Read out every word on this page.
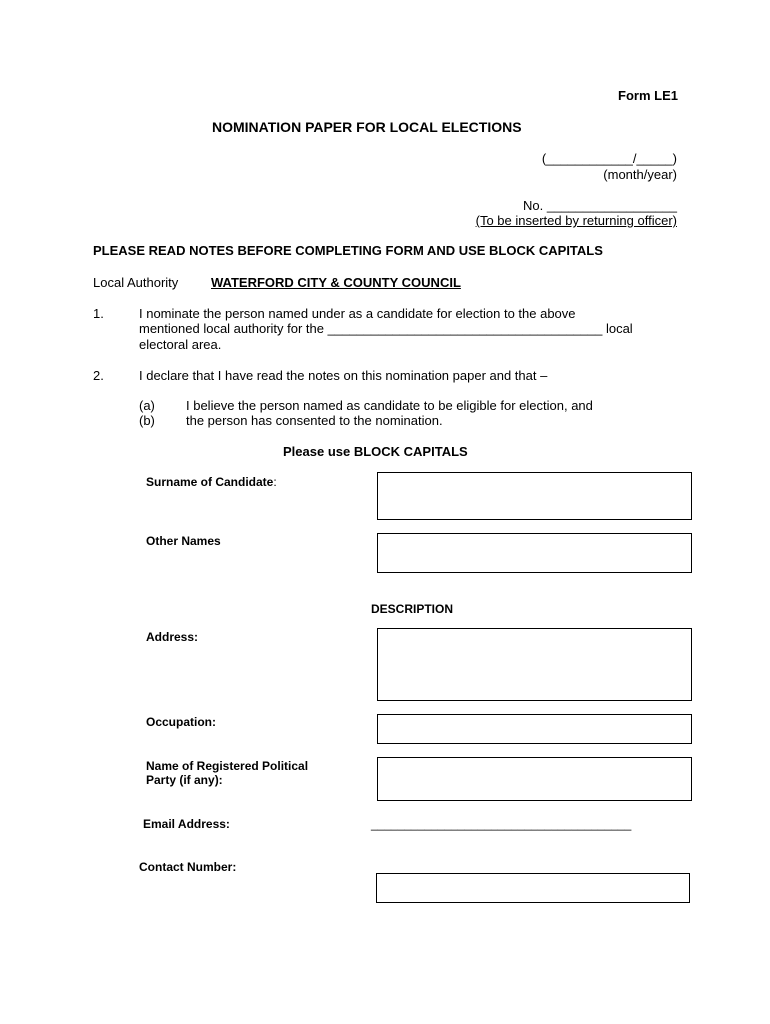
Form LE1
NOMINATION PAPER FOR LOCAL ELECTIONS
(____________/_____)
(month/year)
No. __________________
(To be inserted by returning officer)
PLEASE READ NOTES BEFORE COMPLETING FORM AND USE BLOCK CAPITALS
Local Authority	WATERFORD CITY & COUNTY COUNCIL
1.	I nominate the person named under as a candidate for election to the above
mentioned local authority for the ______________________________________ local
electoral area.
2.	I declare that I have read the notes on this nomination paper and that –
(a) I believe the person named as candidate to be eligible for election, and
(b) the person has consented to the nomination.
Please use BLOCK CAPITALS
Surname of Candidate:
Other Names
DESCRIPTION
Address:
Occupation:
Name of Registered Political
Party (if any):
Email Address:	_______________________________________
Contact Number:
